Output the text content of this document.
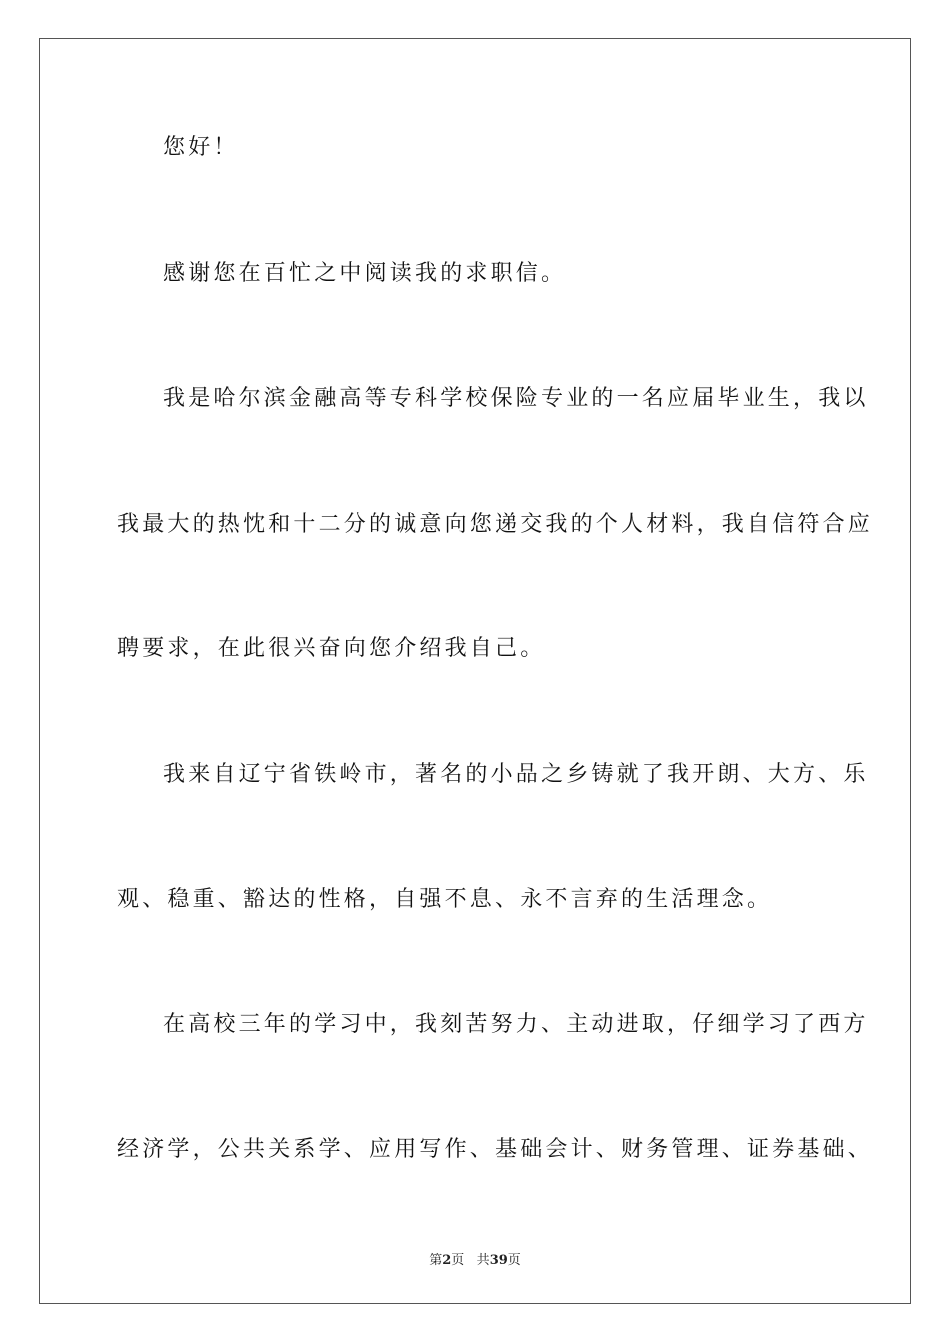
您好！
感谢您在百忙之中阅读我的求职信。
我是哈尔滨金融高等专科学校保险专业的一名应届毕业生，我以
我最大的热忱和十二分的诚意向您递交我的个人材料，我自信符合应
聘要求，在此很兴奋向您介绍我自己。
我来自辽宁省铁岭市，著名的小品之乡铸就了我开朗、大方、乐
观、稳重、豁达的性格，自强不息、永不言弃的生活理念。
在高校三年的学习中，我刻苦努力、主动进取，仔细学习了西方
经济学，公共关系学、应用写作、基础会计、财务管理、证券基础、
第2页 共39页
